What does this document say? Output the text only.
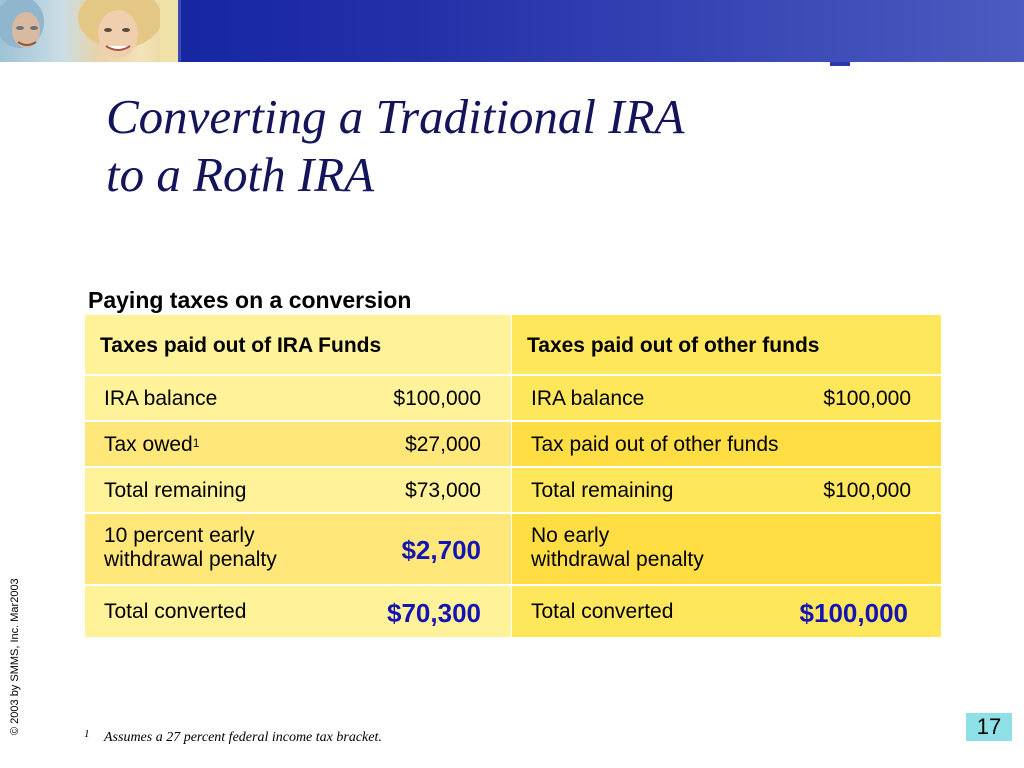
Converting a Traditional IRA
to a Roth IRA
Paying taxes on a conversion
Taxes paid out of IRA Funds
IRA balance	$100,000
Tax owed$^1$	$27,000
Total remaining	$73,000
10 percent early
withdrawal penalty	$2,700
Total converted	$70,300
Taxes paid out of other funds
IRA balance	$100,000
Tax paid out of other funds
Total remaining	$100,000
No early
withdrawal penalty
Total converted	$100,000
© 2003 by SMMS, Inc. Mar2003	1 Assumes a 27 percent federal income tax bracket.	17
